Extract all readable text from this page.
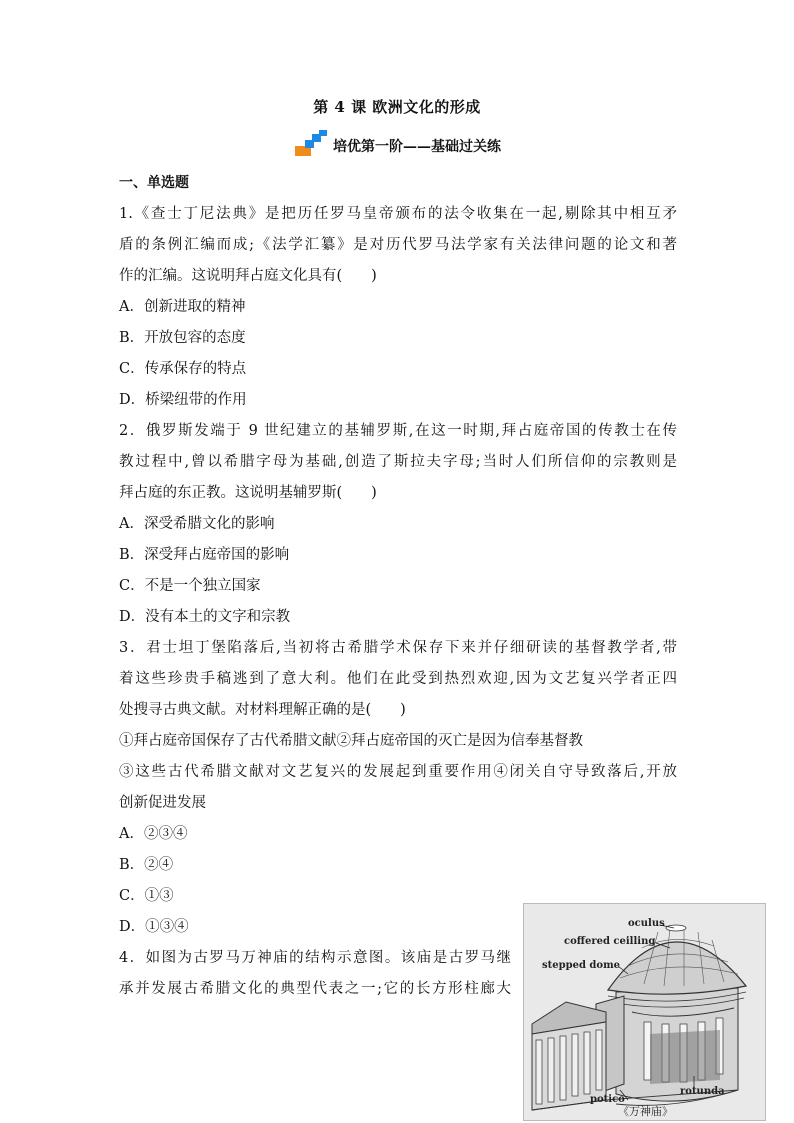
第 4 课 欧洲文化的形成
培优第一阶——基础过关练
一、单选题
1.《查士丁尼法典》是把历任罗马皇帝颁布的法令收集在一起,剔除其中相互矛
盾的条例汇编而成;《法学汇纂》是对历代罗马法学家有关法律问题的论文和著
作的汇编。这说明拜占庭文化具有(　　)
A．创新进取的精神
B．开放包容的态度
C．传承保存的特点
D．桥梁纽带的作用
2．俄罗斯发端于 9 世纪建立的基辅罗斯,在这一时期,拜占庭帝国的传教士在传
教过程中,曾以希腊字母为基础,创造了斯拉夫字母;当时人们所信仰的宗教则是
拜占庭的东正教。这说明基辅罗斯(　　)
A．深受希腊文化的影响
B．深受拜占庭帝国的影响
C．不是一个独立国家
D．没有本土的文字和宗教
3．君士坦丁堡陷落后,当初将古希腊学术保存下来并仔细研读的基督教学者,带
着这些珍贵手稿逃到了意大利。他们在此受到热烈欢迎,因为文艺复兴学者正四
处搜寻古典文献。对材料理解正确的是(　　)
①拜占庭帝国保存了古代希腊文献②拜占庭帝国的灭亡是因为信奉基督教
③这些古代希腊文献对文艺复兴的发展起到重要作用④闭关自守导致落后,开放
创新促进发展
A．②③④
B．②④
C．①③
D．①③④
4．如图为古罗马万神庙的结构示意图。该庙是古罗马继
承并发展古希腊文化的典型代表之一;它的长方形柱廊大
oculus
coffered ceilling
stepped dome
rotunda
potico
《万神庙》
